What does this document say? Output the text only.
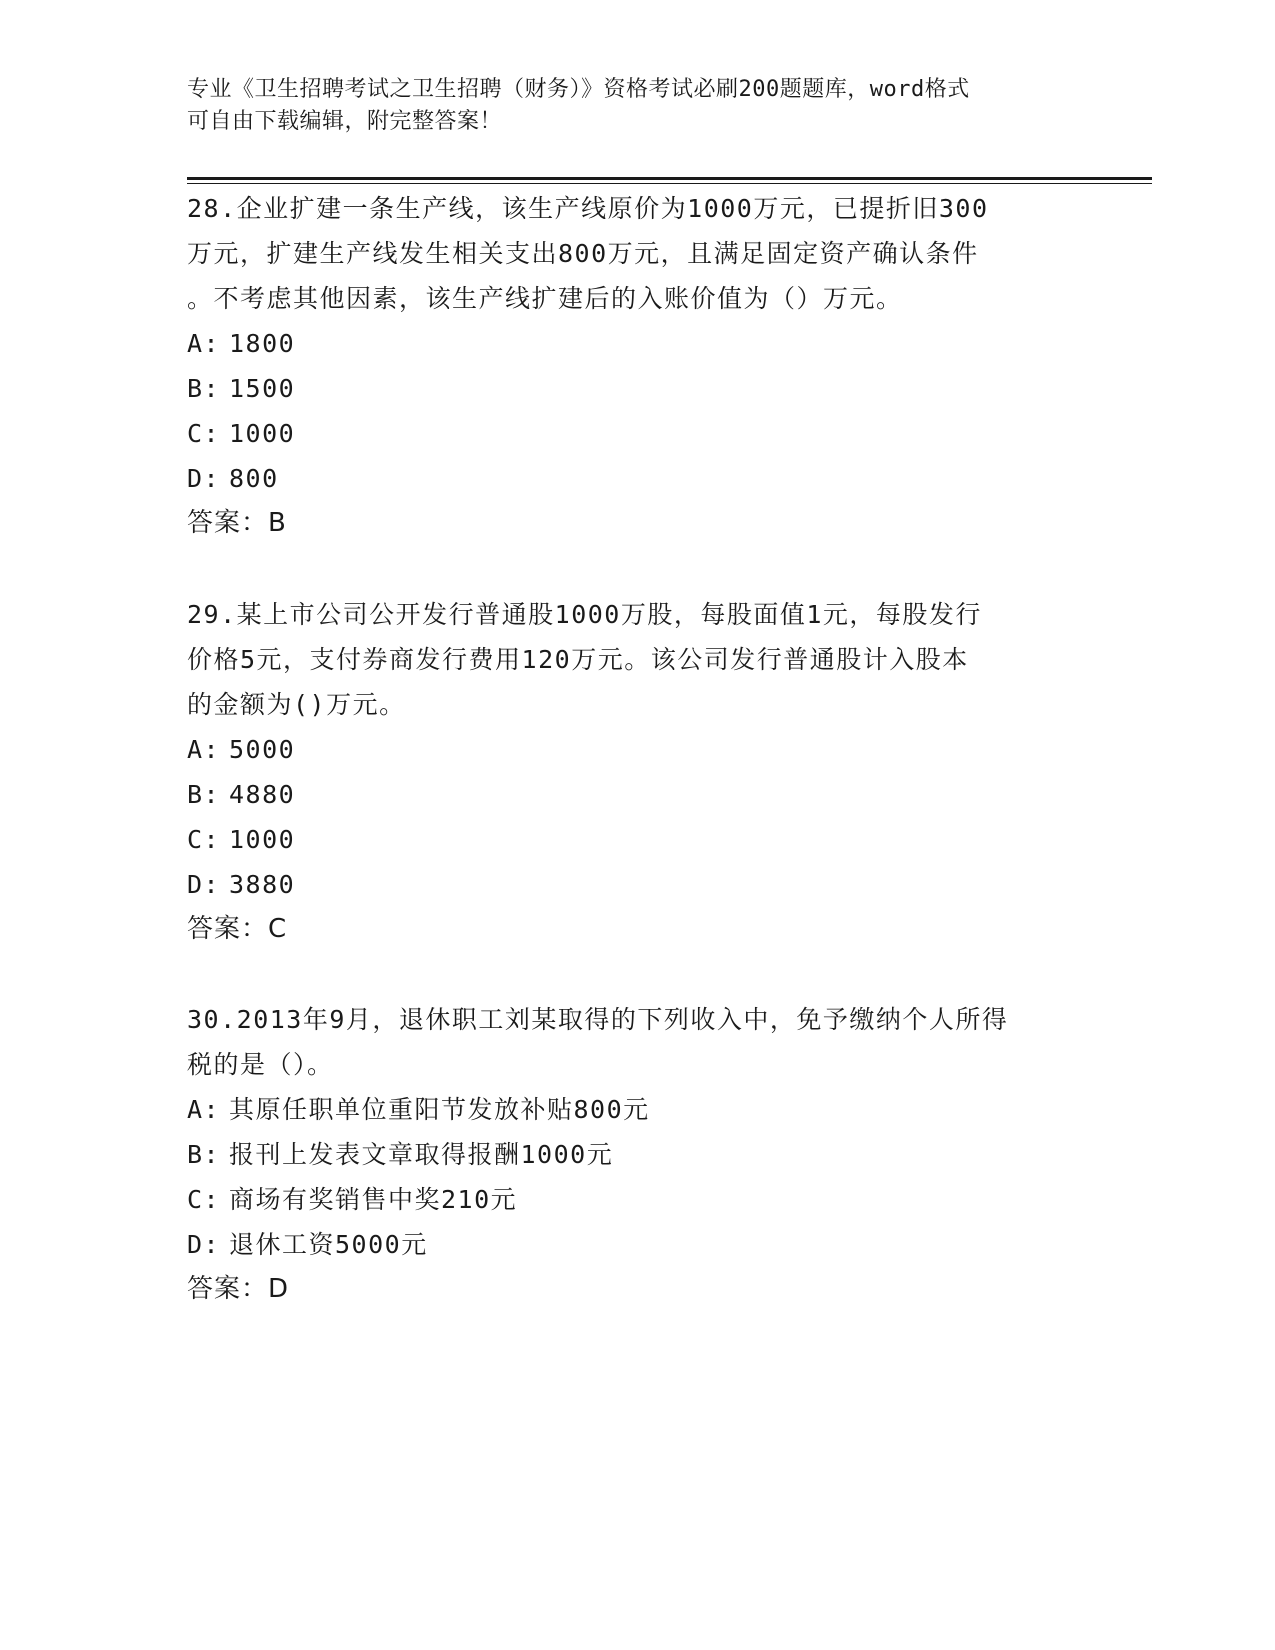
专业《卫生招聘考试之卫生招聘（财务）》资格考试必刷200题题库，word格式
可自由下载编辑，附完整答案！
28.企业扩建一条生产线，该生产线原价为1000万元，已提折旧300
万元，扩建生产线发生相关支出800万元，且满足固定资产确认条件
。不考虑其他因素，该生产线扩建后的入账价值为（）万元。
A: 1800
B: 1500
C: 1000
D: 800
答案：B
29.某上市公司公开发行普通股1000万股，每股面值1元，每股发行
价格5元，支付券商发行费用120万元。该公司发行普通股计入股本
的金额为()万元。
A: 5000
B: 4880
C: 1000
D: 3880
答案：C
30.2013年9月，退休职工刘某取得的下列收入中，免予缴纳个人所得
税的是（）。
A: 其原任职单位重阳节发放补贴800元
B: 报刊上发表文章取得报酬1000元
C: 商场有奖销售中奖210元
D: 退休工资5000元
答案：D
